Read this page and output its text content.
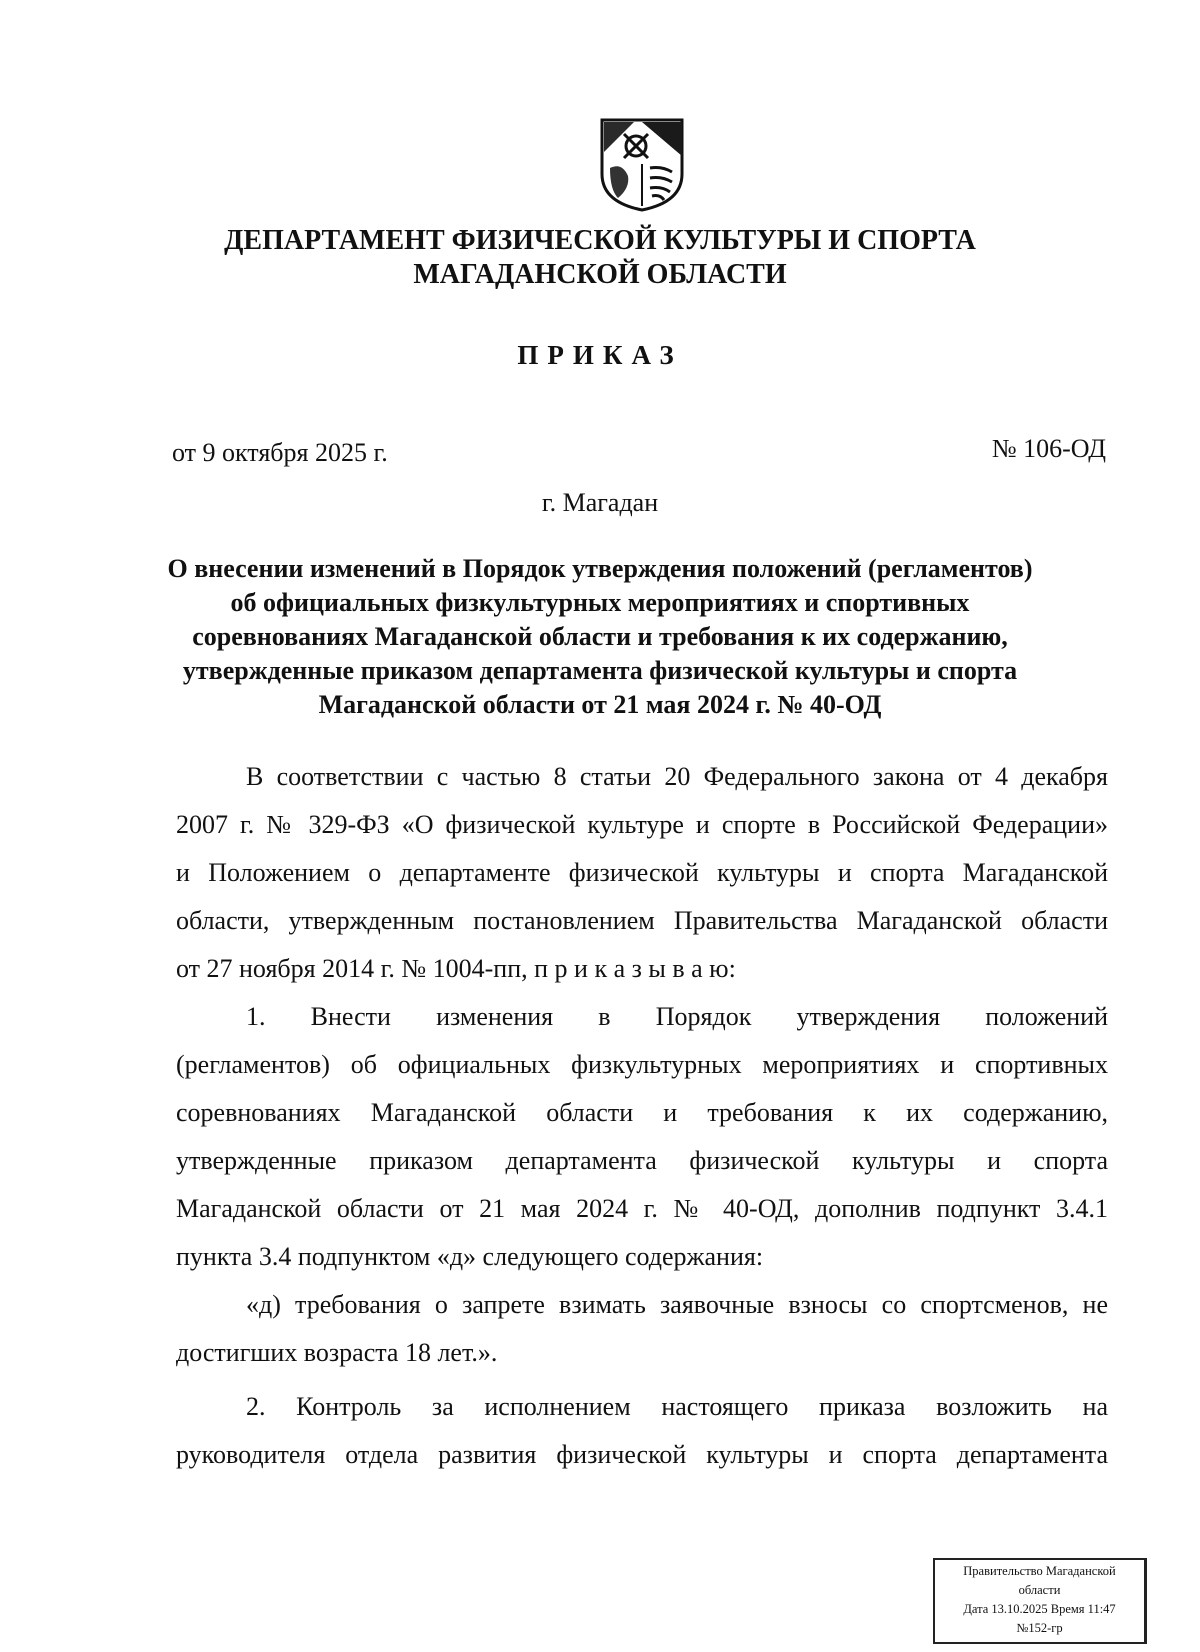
ДЕПАРТАМЕНТ ФИЗИЧЕСКОЙ КУЛЬТУРЫ И СПОРТА
МАГАДАНСКОЙ ОБЛАСТИ
ПРИКАЗ
от 9 октября 2025 г.	№ 106-ОД
г. Магадан
О внесении изменений в Порядок утверждения положений (регламентов)
об официальных физкультурных мероприятиях и спортивных
соревнованиях Магаданской области и требования к их содержанию,
утвержденные приказом департамента физической культуры и спорта
Магаданской области от 21 мая 2024 г. № 40-ОД
В соответствии с частью 8 статьи 20 Федерального закона от 4 декабря
2007 г. № 329-ФЗ «О физической культуре и спорте в Российской Федерации»
и Положением о департаменте физической культуры и спорта Магаданской
области, утвержденным постановлением Правительства Магаданской области
от 27 ноября 2014 г. № 1004-пп, п р и к а з ы в а ю:
1. Внести изменения в Порядок утверждения положений
(регламентов) об официальных физкультурных мероприятиях и спортивных
соревнованиях Магаданской области и требования к их содержанию,
утвержденные приказом департамента физической культуры и спорта
Магаданской области от 21 мая 2024 г. № 40-ОД, дополнив подпункт 3.4.1
пункта 3.4 подпунктом «д» следующего содержания:
«д) требования о запрете взимать заявочные взносы со спортсменов, не
достигших возраста 18 лет.».
2. Контроль за исполнением настоящего приказа возложить на
руководителя отдела развития физической культуры и спорта департамента
Правительство Магаданской
области
Дата 13.10.2025 Время 11:47
№152-гр
